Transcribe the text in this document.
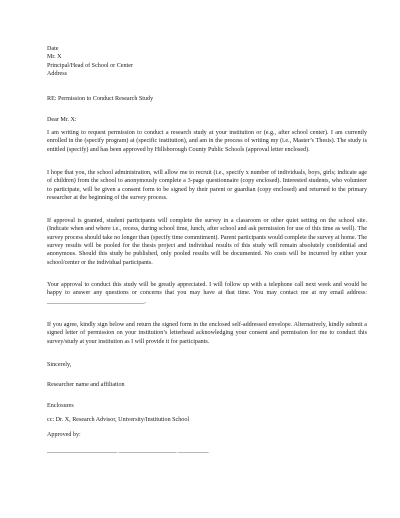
Date
Mr. X
Principal/Head of School or Center
Address
RE: Permission to Conduct Research Study
Dear Mr. X:
I am writing to request permission to conduct a research study at your institution or (e.g., after school center). I am currently enrolled in the (specify program) at (specific institution), and am in the process of writing my (i.e., Master’s Thesis). The study is entitled (specify) and has been approved by Hillsborough County Public Schools (approval letter enclosed).
I hope that you, the school administration, will allow me to recruit (i.e., specify x number of individuals, boys, girls; indicate age of children) from the school to anonymously complete a 3-page questionnaire (copy enclosed). Interested students, who volunteer to participate, will be given a consent form to be signed by their parent or guardian (copy enclosed) and returned to the primary researcher at the beginning of the survey process.
If approval is granted, student participants will complete the survey in a classroom or other quiet setting on the school site. (Indicate when and where i.e., recess, during school time, lunch, after school and ask permission for use of this time as well). The survey process should take no longer than (specify time commitment). Parent participants would complete the survey at home. The survey results will be pooled for the thesis project and individual results of this study will remain absolutely confidential and anonymous. Should this study be published, only pooled results will be documented. No costs will be incurred by either your school/center or the individual participants.
Your approval to conduct this study will be greatly appreciated. I will follow up with a telephone call next week and would be happy to answer any questions or concerns that you may have at that time. You may contact me at my email address: ________________________________.
If you agree, kindly sign below and return the signed form in the enclosed self-addressed envelope. Alternatively, kindly submit a signed letter of permission on your institution’s letterhead acknowledging your consent and permission for me to conduct this survey/study at your institution as I will provide it for participants.
Sincerely,
Researcher name and affiliation
Enclosures
cc: Dr. X, Research Advisor, University/Institution School
Approved by:
_______________________ ___________________ __________
